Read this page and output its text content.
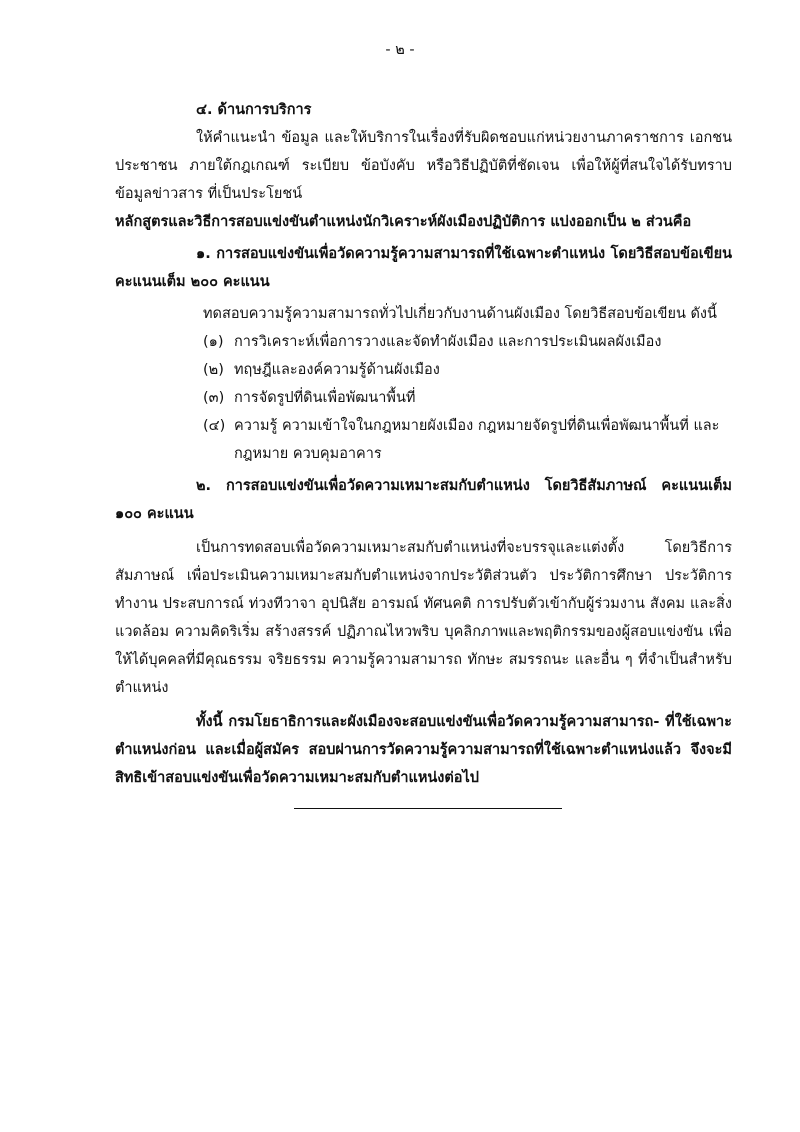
- ๒ -

๔. ด้านการบริการ

ให้คำแนะนำ ข้อมูล และให้บริการในเรื่องที่รับผิดชอบแก่หน่วยงานภาคราชการ เอกชน ประชาชน ภายใต้กฎเกณฑ์ ระเบียบ ข้อบังคับ หรือวิธีปฏิบัติที่ชัดเจน เพื่อให้ผู้ที่สนใจได้รับทราบข้อมูลข่าวสาร ที่เป็นประโยชน์

หลักสูตรและวิธีการสอบแข่งขันตำแหน่งนักวิเคราะห์ผังเมืองปฏิบัติการ แบ่งออกเป็น ๒ ส่วนคือ

๑. การสอบแข่งขันเพื่อวัดความรู้ความสามารถที่ใช้เฉพาะตำแหน่ง โดยวิธีสอบข้อเขียน คะแนนเต็ม ๒๐๐ คะแนน

ทดสอบความรู้ความสามารถทั่วไปเกี่ยวกับงานด้านผังเมือง โดยวิธีสอบข้อเขียน ดังนี้

(๑) การวิเคราะห์เพื่อการวางและจัดทำผังเมือง และการประเมินผลผังเมือง
(๒) ทฤษฎีและองค์ความรู้ด้านผังเมือง
(๓) การจัดรูปที่ดินเพื่อพัฒนาพื้นที่
(๔) ความรู้ ความเข้าใจในกฎหมายผังเมือง กฎหมายจัดรูปที่ดินเพื่อพัฒนาพื้นที่ และกฎหมาย ควบคุมอาคาร

๒. การสอบแข่งขันเพื่อวัดความเหมาะสมกับตำแหน่ง โดยวิธีสัมภาษณ์ คะแนนเต็ม ๑๐๐ คะแนน

เป็นการทดสอบเพื่อวัดความเหมาะสมกับตำแหน่งที่จะบรรจุและแต่งตั้ง โดยวิธีการสัมภาษณ์ เพื่อประเมินความเหมาะสมกับตำแหน่งจากประวัติส่วนตัว ประวัติการศึกษา ประวัติการทำงาน ประสบการณ์ ท่วงทีวาจา อุปนิสัย อารมณ์ ทัศนคติ การปรับตัวเข้ากับผู้ร่วมงาน สังคม และสิ่งแวดล้อม ความคิดริเริ่ม สร้างสรรค์ ปฏิภาณไหวพริบ บุคลิกภาพและพฤติกรรมของผู้สอบแข่งขัน เพื่อให้ได้บุคคลที่มีคุณธรรม จริยธรรม ความรู้ความสามารถ ทักษะ สมรรถนะ และอื่น ๆ ที่จำเป็นสำหรับตำแหน่ง

ทั้งนี้ กรมโยธาธิการและผังเมืองจะสอบแข่งขันเพื่อวัดความรู้ความสามารถ- ที่ใช้เฉพาะตำแหน่งก่อน และเมื่อผู้สมัคร สอบผ่านการวัดความรู้ความสามารถที่ใช้เฉพาะตำแหน่งแล้ว จึงจะมีสิทธิเข้าสอบแข่งขันเพื่อวัดความเหมาะสมกับตำแหน่งต่อไป
